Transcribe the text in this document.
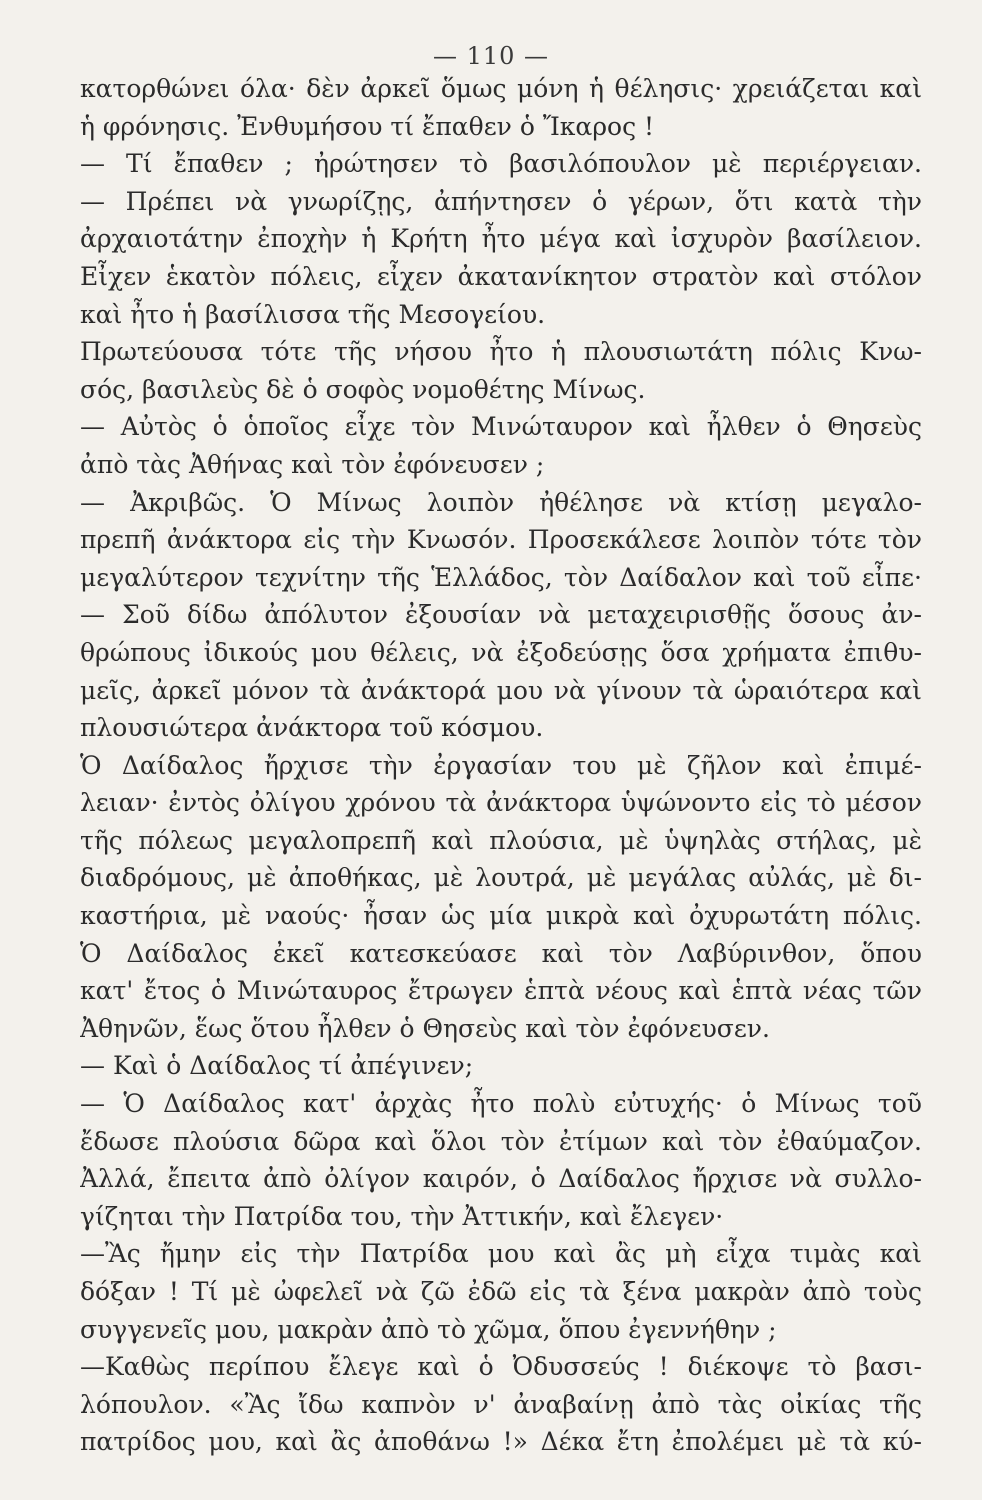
— 110 —
κατορθώνει όλα· δὲν ἀρκεῖ ὅμως μόνη ἡ θέλησις· χρειάζεται καὶ
ἡ φρόνησις. Ἐνθυμήσου τί ἔπαθεν ὁ Ἴκαρος !
— Τί ἔπαθεν ; ἠρώτησεν τὸ βασιλόπουλον μὲ περιέργειαν.
— Πρέπει νὰ γνωρίζῃς, ἀπήντησεν ὁ γέρων, ὅτι κατὰ τὴν
ἀρχαιοτάτην ἐποχὴν ἡ Κρήτη ἦτο μέγα καὶ ἰσχυρὸν βασίλειον.
Εἶχεν ἑκατὸν πόλεις, εἶχεν ἀκατανίκητον στρατὸν καὶ στόλον
καὶ ἦτο ἡ βασίλισσα τῆς Μεσογείου.
Πρωτεύουσα τότε τῆς νήσου ἦτο ἡ πλουσιωτάτη πόλις Κνω-
σός, βασιλεὺς δὲ ὁ σοφὸς νομοθέτης Μίνως.
— Αὐτὸς ὁ ὁποῖος εἶχε τὸν Μινώταυρον καὶ ἦλθεν ὁ Θησεὺς
ἀπὸ τὰς Ἀθήνας καὶ τὸν ἐφόνευσεν ;
— Ἀκριβῶς. Ὁ Μίνως λοιπὸν ἠθέλησε νὰ κτίσῃ μεγαλο-
πρεπῆ ἀνάκτορα εἰς τὴν Κνωσόν. Προσεκάλεσε λοιπὸν τότε τὸν
μεγαλύτερον τεχνίτην τῆς Ἑλλάδος, τὸν Δαίδαλον καὶ τοῦ εἶπε·
— Σοῦ δίδω ἀπόλυτον ἐξουσίαν νὰ μεταχειρισθῇς ὅσους ἀν-
θρώπους ἰδικούς μου θέλεις, νὰ ἐξοδεύσῃς ὅσα χρήματα ἐπιθυ-
μεῖς, ἀρκεῖ μόνον τὰ ἀνάκτορά μου νὰ γίνουν τὰ ὡραιότερα καὶ
πλουσιώτερα ἀνάκτορα τοῦ κόσμου.
Ὁ Δαίδαλος ἤρχισε τὴν ἐργασίαν του μὲ ζῆλον καὶ ἐπιμέ-
λειαν· ἐντὸς ὀλίγου χρόνου τὰ ἀνάκτορα ὑψώνοντο εἰς τὸ μέσον
τῆς πόλεως μεγαλοπρεπῆ καὶ πλούσια, μὲ ὑψηλὰς στήλας, μὲ
διαδρόμους, μὲ ἀποθήκας, μὲ λουτρά, μὲ μεγάλας αὐλάς, μὲ δι-
καστήρια, μὲ ναούς· ἦσαν ὡς μία μικρὰ καὶ ὀχυρωτάτη πόλις.
Ὁ Δαίδαλος ἐκεῖ κατεσκεύασε καὶ τὸν Λαβύρινθον, ὅπου
κατ' ἔτος ὁ Μινώταυρος ἔτρωγεν ἑπτὰ νέους καὶ ἑπτὰ νέας τῶν
Ἀθηνῶν, ἕως ὅτου ἦλθεν ὁ Θησεὺς καὶ τὸν ἐφόνευσεν.
— Καὶ ὁ Δαίδαλος τί ἀπέγινεν;
— Ὁ Δαίδαλος κατ' ἀρχὰς ἦτο πολὺ εὐτυχής· ὁ Μίνως τοῦ
ἔδωσε πλούσια δῶρα καὶ ὅλοι τὸν ἐτίμων καὶ τὸν ἐθαύμαζον.
Ἀλλά, ἔπειτα ἀπὸ ὀλίγον καιρόν, ὁ Δαίδαλος ἤρχισε νὰ συλλο-
γίζηται τὴν Πατρίδα του, τὴν Ἀττικήν, καὶ ἔλεγεν·
—Ἂς ἤμην εἰς τὴν Πατρίδα μου καὶ ἂς μὴ εἶχα τιμὰς καὶ
δόξαν ! Τί μὲ ὠφελεῖ νὰ ζῶ ἐδῶ εἰς τὰ ξένα μακρὰν ἀπὸ τοὺς
συγγενεῖς μου, μακρὰν ἀπὸ τὸ χῶμα, ὅπου ἐγεννήθην ;
—Καθὼς περίπου ἔλεγε καὶ ὁ Ὀδυσσεύς ! διέκοψε τὸ βασι-
λόπουλον. «Ἂς ἴδω καπνὸν ν' ἀναβαίνῃ ἀπὸ τὰς οἰκίας τῆς
πατρίδος μου, καὶ ἂς ἀποθάνω !» Δέκα ἔτη ἐπολέμει μὲ τὰ κύ-
